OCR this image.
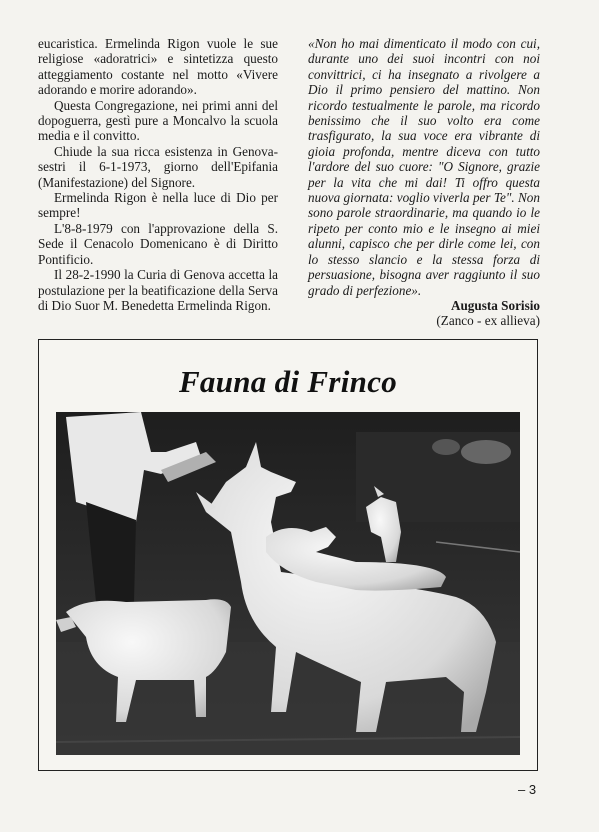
eucaristica. Ermelinda Rigon vuole le sue religiose «adoratrici» e sintetizza questo atteggiamento costante nel motto «Vivere adorando e morire adorando».

Questa Congregazione, nei primi anni del dopoguerra, gestì pure a Moncalvo la scuola media e il convitto.

Chiude la sua ricca esistenza in Genova-sestri il 6-1-1973, giorno dell'Epifania (Manifestazione) del Signore.

Ermelinda Rigon è nella luce di Dio per sempre!

L'8-8-1979 con l'approvazione della S. Sede il Cenacolo Domenicano è di Diritto Pontificio.

Il 28-2-1990 la Curia di Genova accetta la postulazione per la beatificazione della Serva di Dio Suor M. Benedetta Ermelinda Rigon.

«Non ho mai dimenticato il modo con cui, durante uno dei suoi incontri con noi convittrici, ci ha insegnato a rivolgere a Dio il primo pensiero del mattino. Non ricordo testualmente le parole, ma ricordo benissimo che il suo volto era come trasfigurato, la sua voce era vibrante di gioia profonda, mentre diceva con tutto l'ardore del suo cuore: "O Signore, grazie per la vita che mi dai! Ti offro questa nuova giornata: voglio viverla per Te". Non sono parole straordinarie, ma quando io le ripeto per conto mio e le insegno ai miei alunni, capisco che per dirle come lei, con lo stesso slancio e la stessa forza di persuasione, bisogna aver raggiunto il suo grado di perfezione».

Augusta Sorisio

(Zanco - ex allieva)

Fauna di Frinco
– 3
